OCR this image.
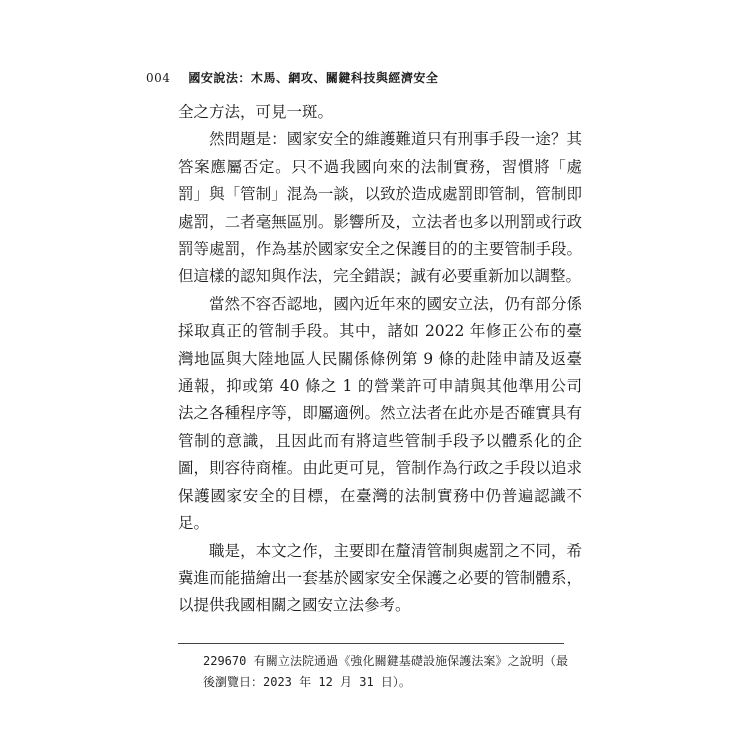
004 國安說法：木馬、網攻、關鍵科技與經濟安全

全之方法，可見一斑。

然問題是：國家安全的維護難道只有刑事手段一途？其答案應屬否定。只不過我國向來的法制實務，習慣將「處罰」與「管制」混為一談，以致於造成處罰即管制，管制即處罰，二者毫無區別。影響所及，立法者也多以刑罰或行政罰等處罰，作為基於國家安全之保護目的的主要管制手段。但這樣的認知與作法，完全錯誤；誠有必要重新加以調整。

當然不容否認地，國內近年來的國安立法，仍有部分係採取真正的管制手段。其中，諸如 2022 年修正公布的臺灣地區與大陸地區人民關係條例第 9 條的赴陸申請及返臺通報，抑或第 40 條之 1 的營業許可申請與其他準用公司法之各種程序等，即屬適例。然立法者在此亦是否確實具有管制的意識，且因此而有將這些管制手段予以體系化的企圖，則容待商榷。由此更可見，管制作為行政之手段以追求保護國家安全的目標，在臺灣的法制實務中仍普遍認識不足。

職是，本文之作，主要即在釐清管制與處罰之不同，希冀進而能描繪出一套基於國家安全保護之必要的管制體系，以提供我國相關之國安立法參考。

229670 有關立法院通過《強化關鍵基礎設施保護法案》之說明（最後瀏覽日：2023 年 12 月 31 日）。
